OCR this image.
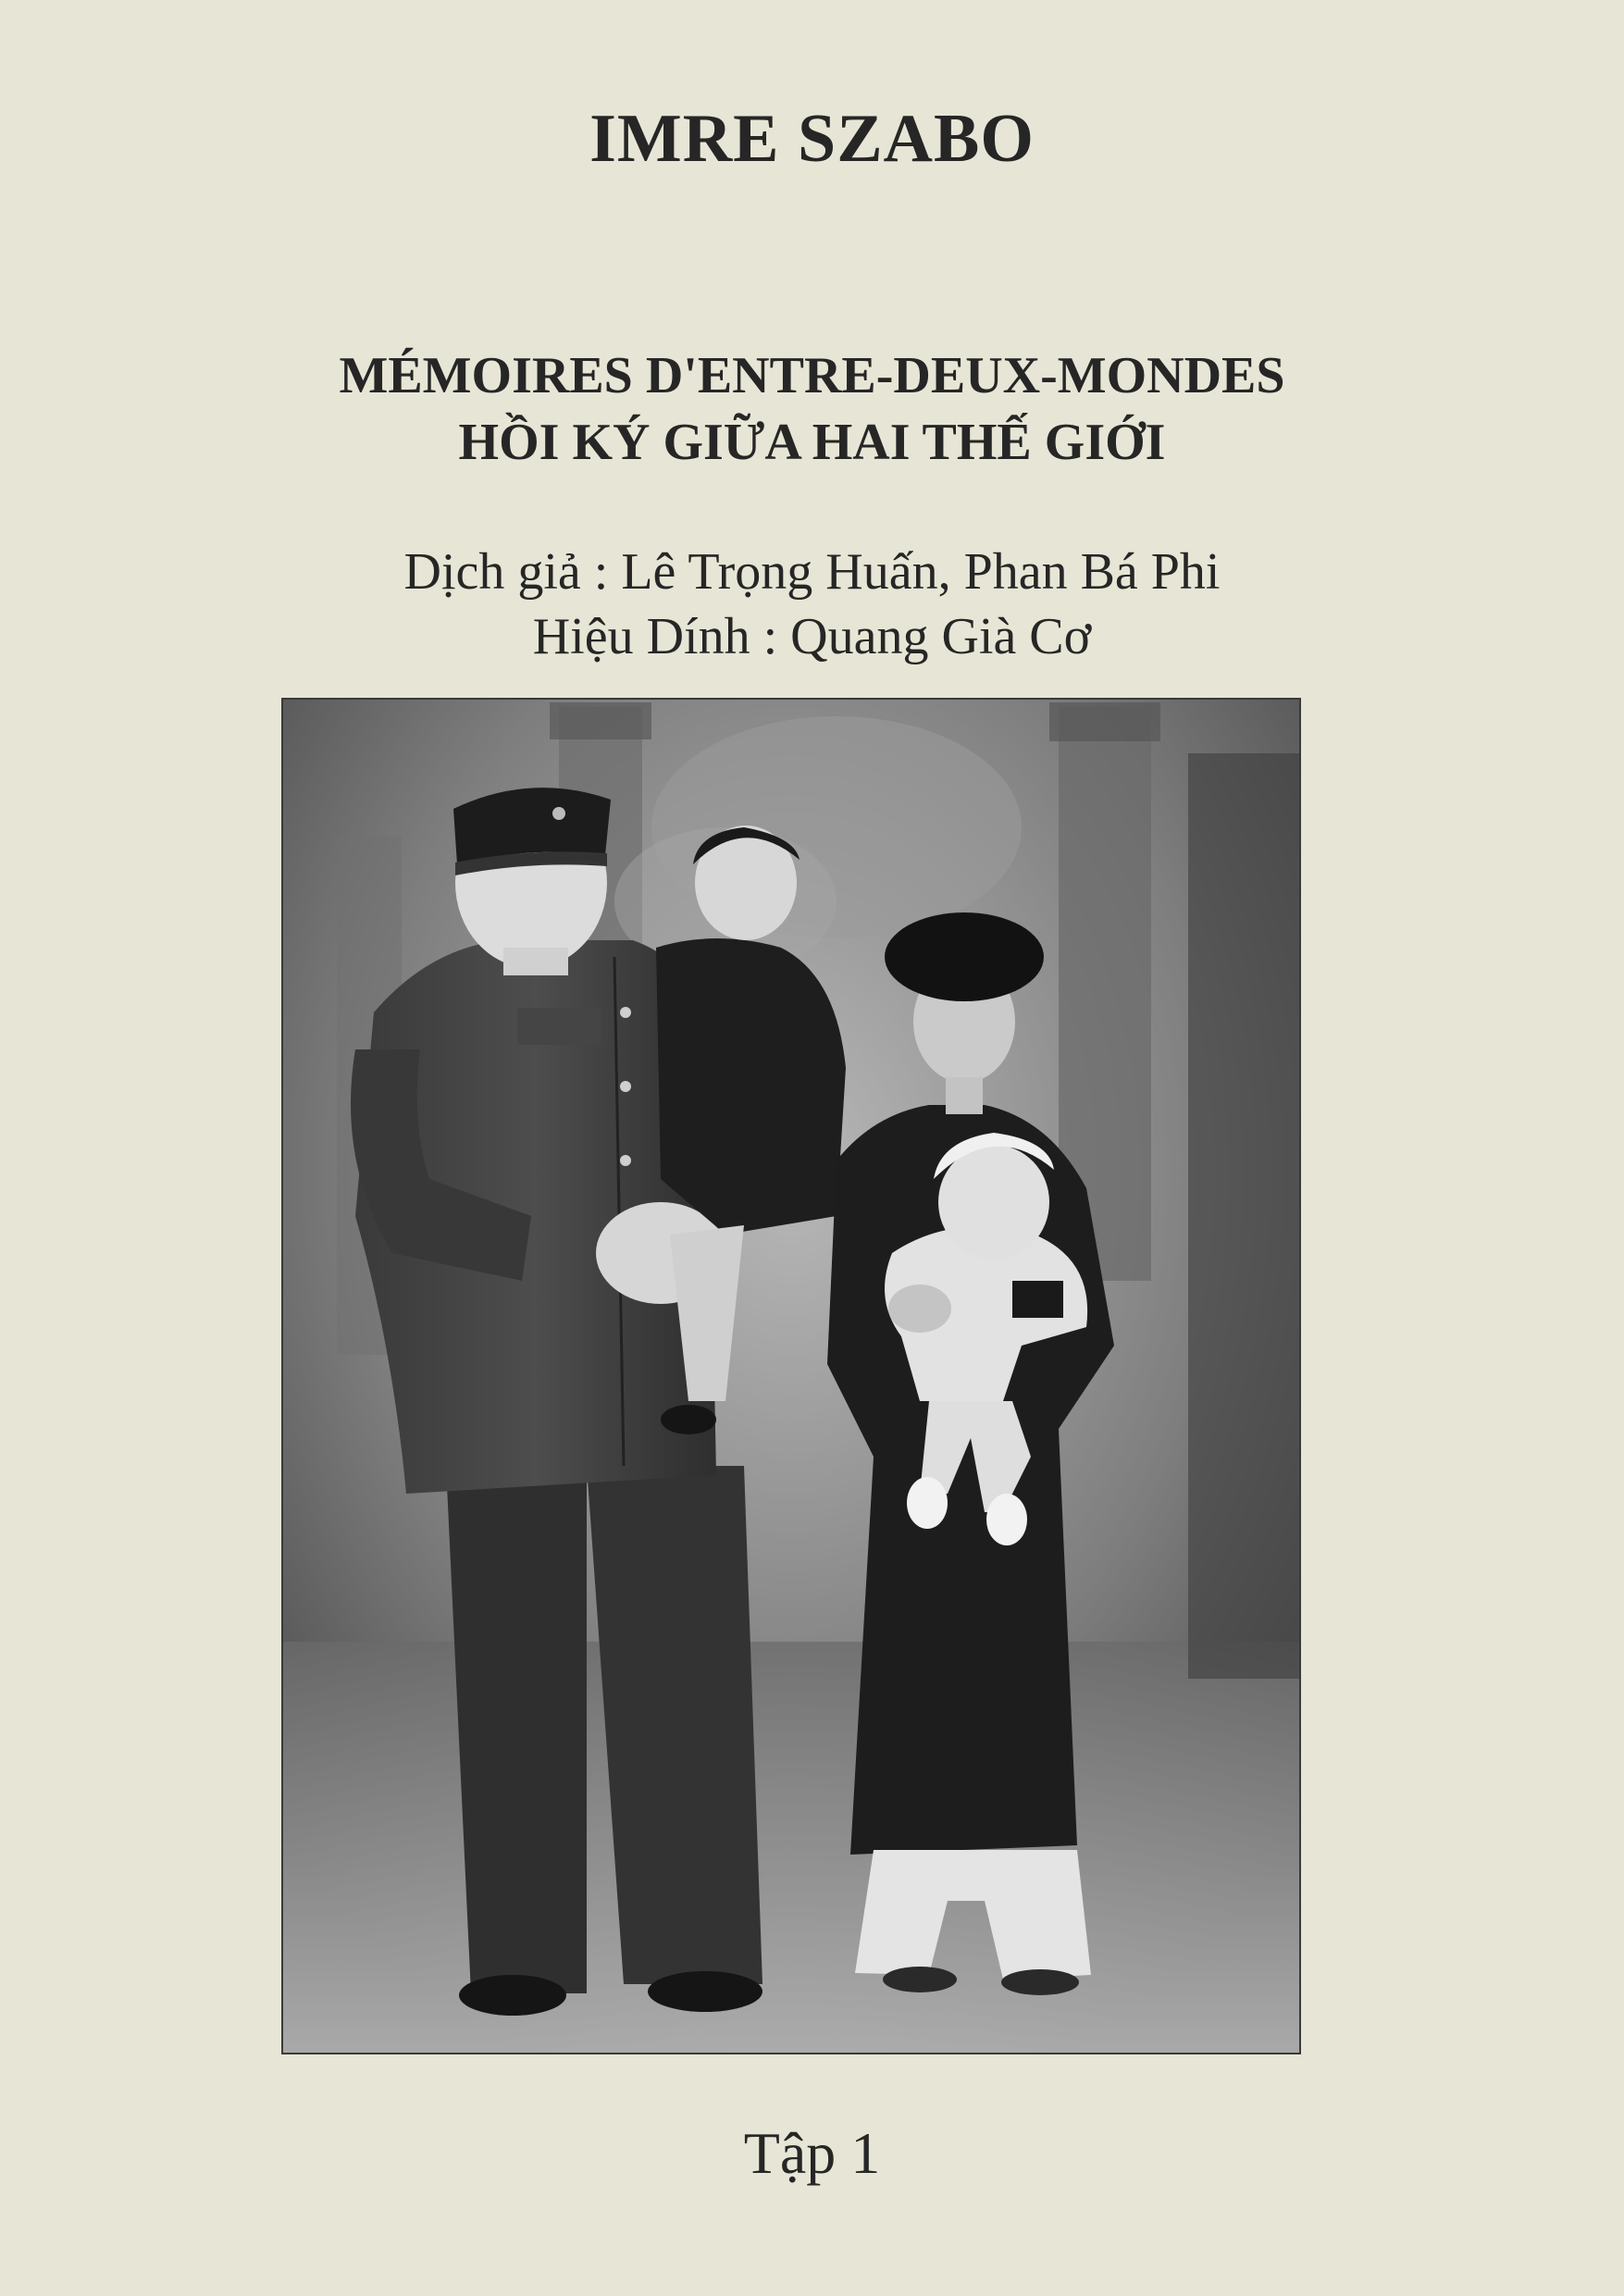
IMRE SZABO
MÉMOIRES D'ENTRE-DEUX-MONDES
HỒI KÝ GIỮA HAI THẾ GIỚI
Dịch giả : Lê Trọng Huấn, Phan Bá Phi
Hiệu Dính : Quang Già Cơ
Tập 1
